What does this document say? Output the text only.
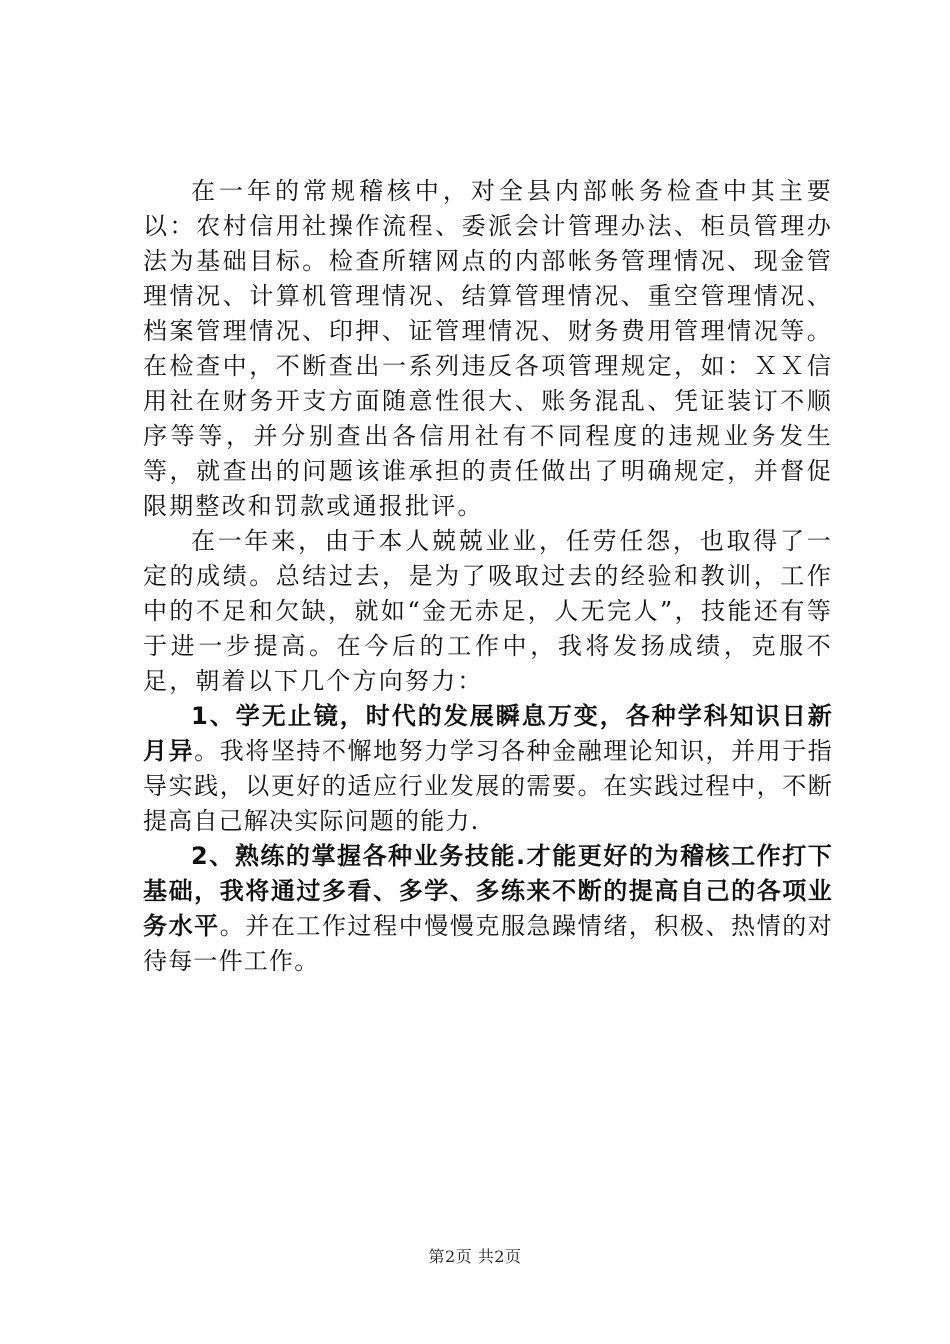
在一年的常规稽核中，对全县内部帐务检查中其主要以：农村信用社操作流程、委派会计管理办法、柜员管理办法为基础目标。检查所辖网点的内部帐务管理情况、现金管理情况、计算机管理情况、结算管理情况、重空管理情况、档案管理情况、印押、证管理情况、财务费用管理情况等。在检查中，不断查出一系列违反各项管理规定，如：ＸＸ信用社在财务开支方面随意性很大、账务混乱、凭证装订不顺序等等，并分别查出各信用社有不同程度的违规业务发生等，就查出的问题该谁承担的责任做出了明确规定，并督促限期整改和罚款或通报批评。

在一年来，由于本人兢兢业业，任劳任怨，也取得了一定的成绩。总结过去，是为了吸取过去的经验和教训，工作中的不足和欠缺，就如“金无赤足，人无完人”，技能还有等于进一步提高。在今后的工作中，我将发扬成绩，克服不足，朝着以下几个方向努力：

1、学无止镜，时代的发展瞬息万变，各种学科知识日新月异。我将坚持不懈地努力学习各种金融理论知识，并用于指导实践，以更好的适应行业发展的需要。在实践过程中，不断提高自己解决实际问题的能力.

2、熟练的掌握各种业务技能.才能更好的为稽核工作打下基础，我将通过多看、多学、多练来不断的提高自己的各项业务水平。并在工作过程中慢慢克服急躁情绪，积极、热情的对待每一件工作。

第2页 共2页
